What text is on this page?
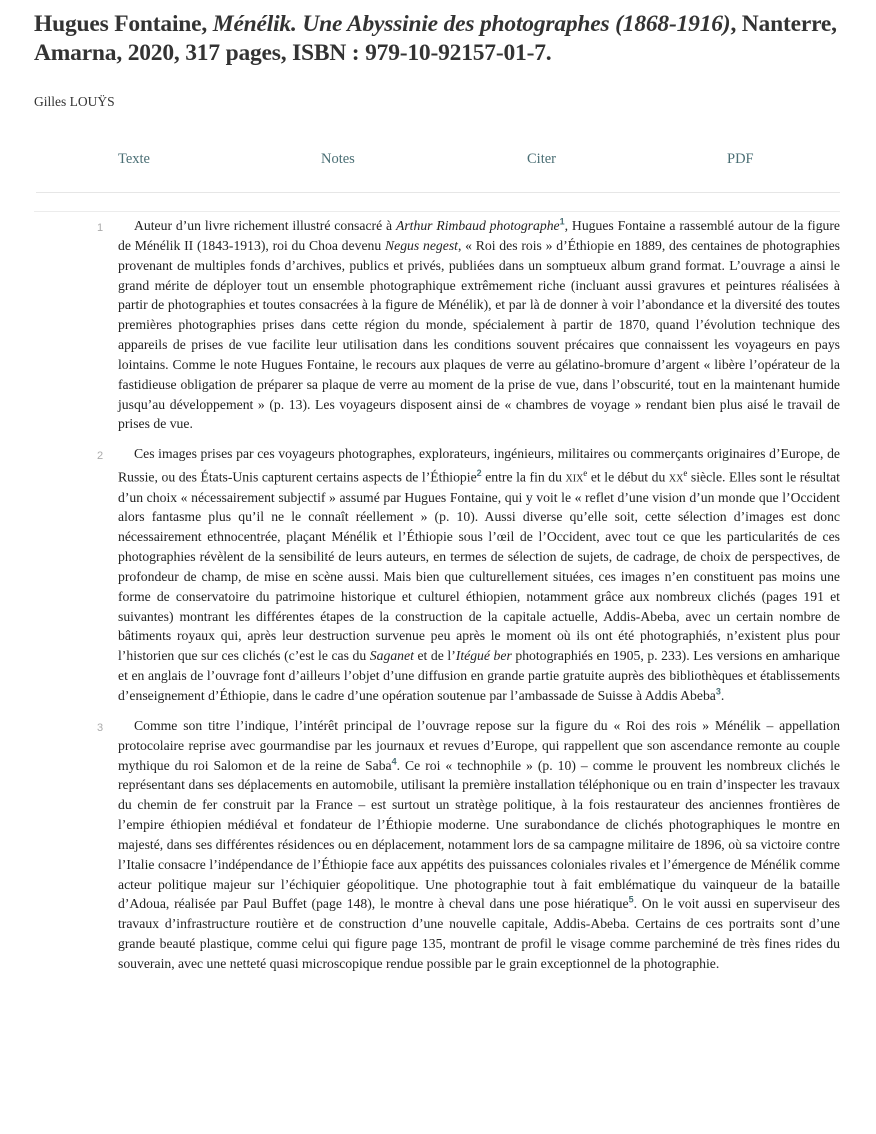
Hugues Fontaine, Ménélik. Une Abyssinie des photographes (1868-1916), Nanterre, Amarna, 2020, 317 pages, ISBN : 979-10-92157-01-7.
Gilles LOUŸS
Texte	Notes	Citer	PDF
1	Auteur d’un livre richement illustré consacré à Arthur Rimbaud photographe$^1$, Hugues Fontaine a rassemblé autour de la figure de Ménélik II (1843-1913), roi du Choa devenu Negus negest, « Roi des rois » d’Éthiopie en 1889, des centaines de photographies provenant de multiples fonds d’archives, publics et privés, publiées dans un somptueux album grand format. L’ouvrage a ainsi le grand mérite de déployer tout un ensemble photographique extrêmement riche (incluant aussi gravures et peintures réalisées à partir de photographies et toutes consacrées à la figure de Ménélik), et par là de donner à voir l’abondance et la diversité des toutes premières photographies prises dans cette région du monde, spécialement à partir de 1870, quand l’évolution technique des appareils de prises de vue facilite leur utilisation dans les conditions souvent précaires que connaissent les voyageurs en pays lointains. Comme le note Hugues Fontaine, le recours aux plaques de verre au gélatino-bromure d’argent « libère l’opérateur de la fastidieuse obligation de préparer sa plaque de verre au moment de la prise de vue, dans l’obscurité, tout en la maintenant humide jusqu’au développement » (p. 13). Les voyageurs disposent ainsi de « chambres de voyage » rendant bien plus aisé le travail de prises de vue.

2	Ces images prises par ces voyageurs photographes, explorateurs, ingénieurs, militaires ou commerçants originaires d’Europe, de Russie, ou des États-Unis capturent certains aspects de l’Éthiopie$^2$ entre la fin du xix$^e$ et le début du $xx^e$ siècle. Elles sont le résultat d’un choix « nécessairement subjectif » assumé par Hugues Fontaine, qui y voit le « reflet d’une vision d’un monde que l’Occident alors fantasme plus qu’il ne le connaît réellement » (p. 10). Aussi diverse qu’elle soit, cette sélection d’images est donc nécessairement ethnocentrée, plaçant Ménélik et l’Éthiopie sous l’œil de l’Occident, avec tout ce que les particularités de ces photographies révèlent de la sensibilité de leurs auteurs, en termes de sélection de sujets, de cadrage, de choix de perspectives, de profondeur de champ, de mise en scène aussi. Mais bien que culturellement situées, ces images n’en constituent pas moins une forme de conservatoire du patrimoine historique et culturel éthiopien, notamment grâce aux nombreux clichés (pages 191 et suivantes) montrant les différentes étapes de la construction de la capitale actuelle, Addis-Abeba, avec un certain nombre de bâtiments royaux qui, après leur destruction survenue peu après le moment où ils ont été photographiés, n’existent plus pour l’historien que sur ces clichés (c’est le cas du Saganet et de l’Itégué ber photographiés en 1905, p. 233). Les versions en amharique et en anglais de l’ouvrage font d’ailleurs l’objet d’une diffusion en grande partie gratuite auprès des bibliothèques et établissements d’enseignement d’Éthiopie, dans le cadre d’une opération soutenue par l’ambassade de Suisse à Addis Abeba$^3$.

3	Comme son titre l’indique, l’intérêt principal de l’ouvrage repose sur la figure du « Roi des rois » Ménélik – appellation protocolaire reprise avec gourmandise par les journaux et revues d’Europe, qui rappellent que son ascendance remonte au couple mythique du roi Salomon et de la reine de Saba$^4$. Ce roi « technophile » (p. 10) – comme le prouvent les nombreux clichés le représentant dans ses déplacements en automobile, utilisant la première installation téléphonique ou en train d’inspecter les travaux du chemin de fer construit par la France – est surtout un stratège politique, à la fois restaurateur des anciennes frontières de l’empire éthiopien médiéval et fondateur de l’Éthiopie moderne. Une surabondance de clichés photographiques le montre en majesté, dans ses différentes résidences ou en déplacement, notamment lors de sa campagne militaire de 1896, où sa victoire contre l’Italie consacre l’indépendance de l’Éthiopie face aux appétits des puissances coloniales rivales et l’émergence de Ménélik comme acteur politique majeur sur l’échiquier géopolitique. Une photographie tout à fait emblématique du vainqueur de la bataille d’Adoua, réalisée par Paul Buffet (page 148), le montre à cheval dans une pose hiératique$^5$. On le voit aussi en superviseur des travaux d’infrastructure routière et de construction d’une nouvelle capitale, Addis-Abeba. Certains de ces portraits sont d’une grande beauté plastique, comme celui qui figure page 135, montrant de profil le visage comme parcheminé de très fines rides du souverain, avec une netteté quasi microscopique rendue possible par le grain exceptionnel de la photographie.
